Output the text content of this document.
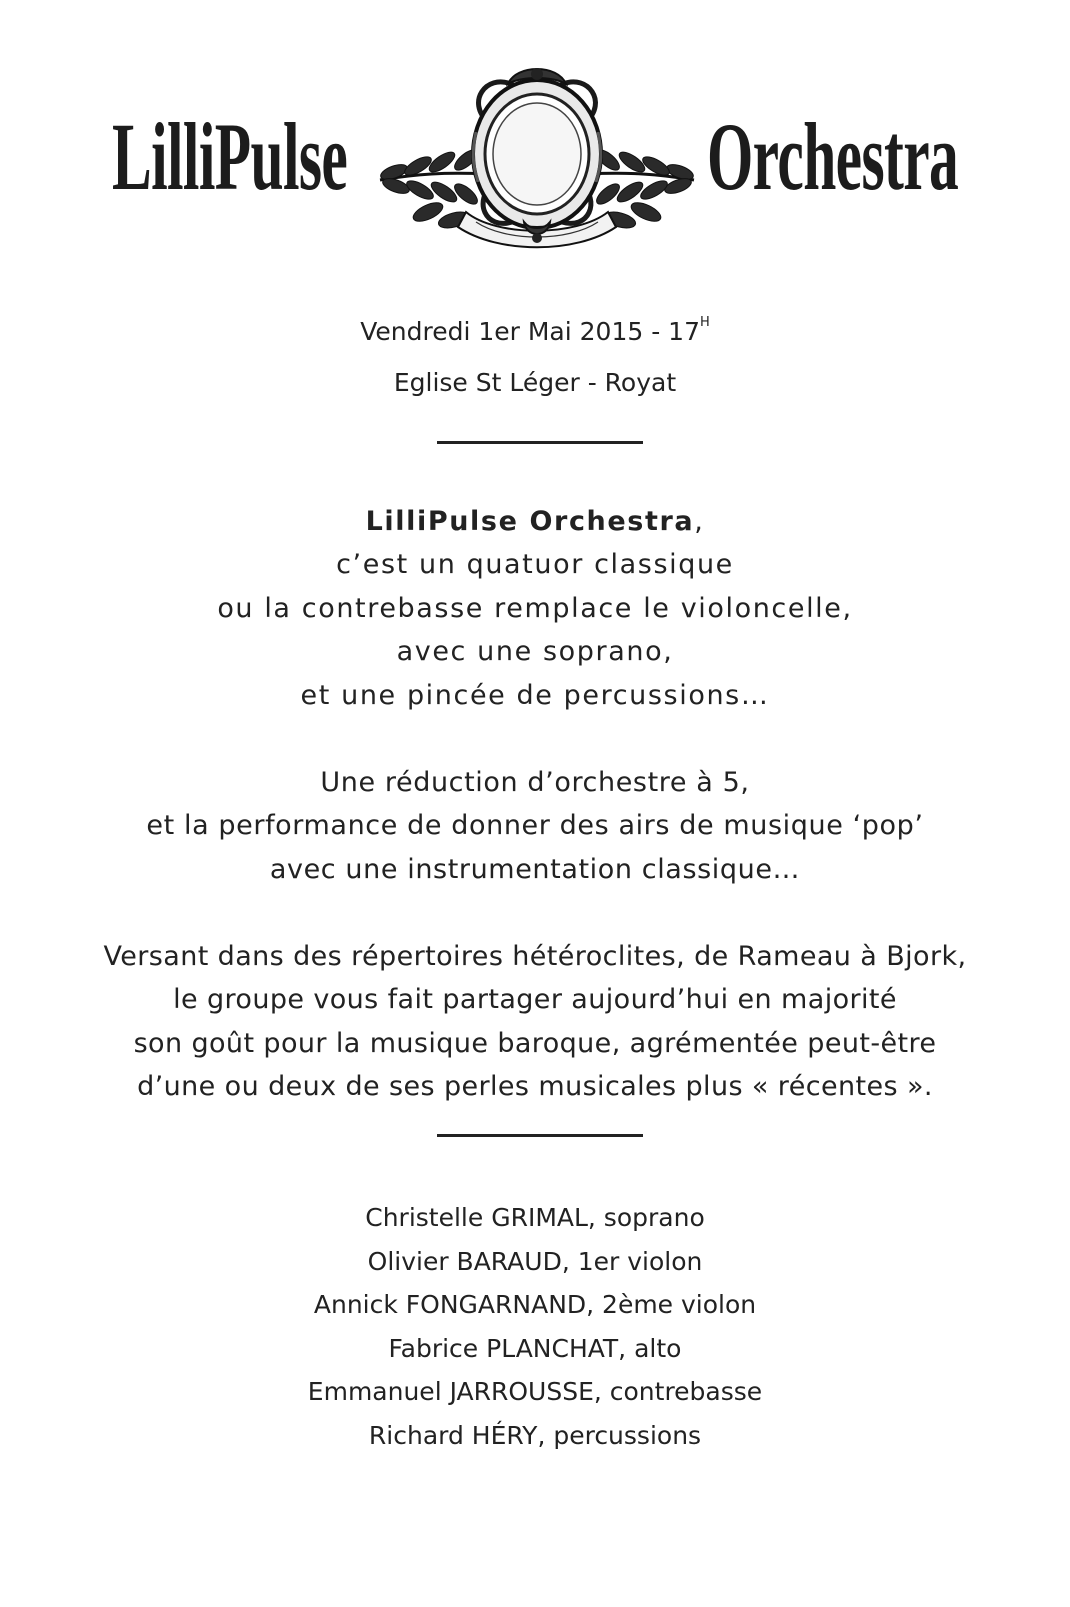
LilliPulse	Orchestra
Vendredi 1er Mai $2015 - 17^H$
Eglise St Léger - Royat

LilliPulse Orchestra,

c’est un quatuor classique

ou la contrebasse remplace le violoncelle,

avec une soprano,

et une pincée de percussions…

Une réduction d’orchestre à 5,

et la performance de donner des airs de musique ‘pop’

avec une instrumentation classique…

Versant dans des répertoires hétéroclites, de Rameau à Bjork,

le groupe vous fait partager aujourd’hui en majorité

son goût pour la musique baroque, agrémentée peut-être

d’une ou deux de ses perles musicales plus « récentes ».

Christelle GRIMAL, soprano

Olivier BARAUD, 1er violon

Annick FONGARNAND, 2ème violon

Fabrice PLANCHAT, alto

Emmanuel JARROUSSE, contrebasse

Richard HÉRY, percussions
